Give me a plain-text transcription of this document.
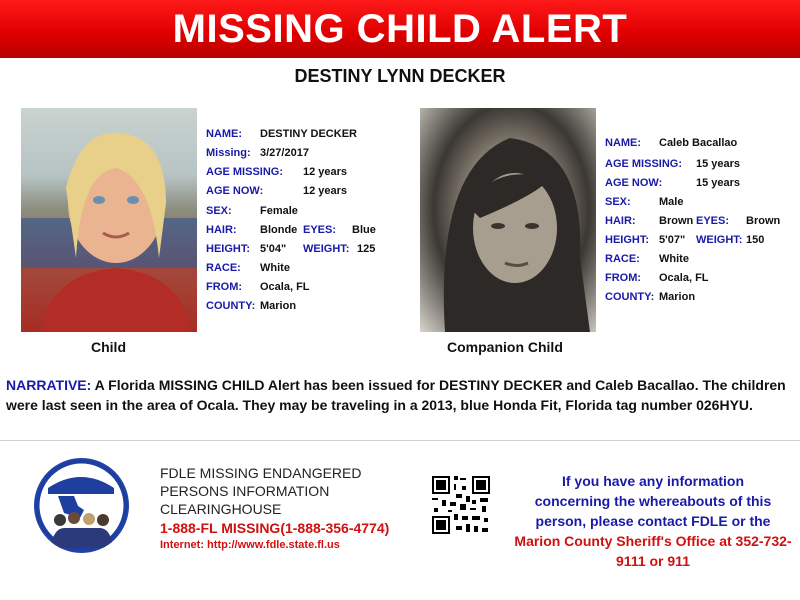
MISSING CHILD ALERT
DESTINY LYNN DECKER
Child
NAME: DESTINY DECKER
Missing: 3/27/2017
AGE MISSING: 12 years
AGE NOW:	12 years
SEX:	Female
HAIR: Blonde EYES: Blue
HEIGHT: 5'04" WEIGHT: 125
RACE: White
FROM: Ocala, FL
COUNTY: Marion
Companion Child
NAME: Caleb Bacallao
AGE MISSING: 15 years
AGE NOW:	15 years
SEX:	Male
HAIR: Brown EYES: Brown
HEIGHT: 5'07" WEIGHT: 150
RACE: White
FROM: Ocala, FL
COUNTY: Marion
NARRATIVE: A Florida MISSING CHILD Alert has been issued for DESTINY DECKER and Caleb Bacallao. The children
were last seen in the area of Ocala. They may be traveling in a 2013, blue Honda Fit, Florida tag number 026HYU.
FDLE MISSING ENDANGERED
PERSONS INFORMATION
CLEARINGHOUSE
1-888-FL MISSING(1-888-356-4774)
Internet: http://www.fdle.state.fl.us
If you have any information
concerning the whereabouts of this
person, please contact FDLE or the
Marion County Sheriff's Office at 352-732-
9111 or 911
